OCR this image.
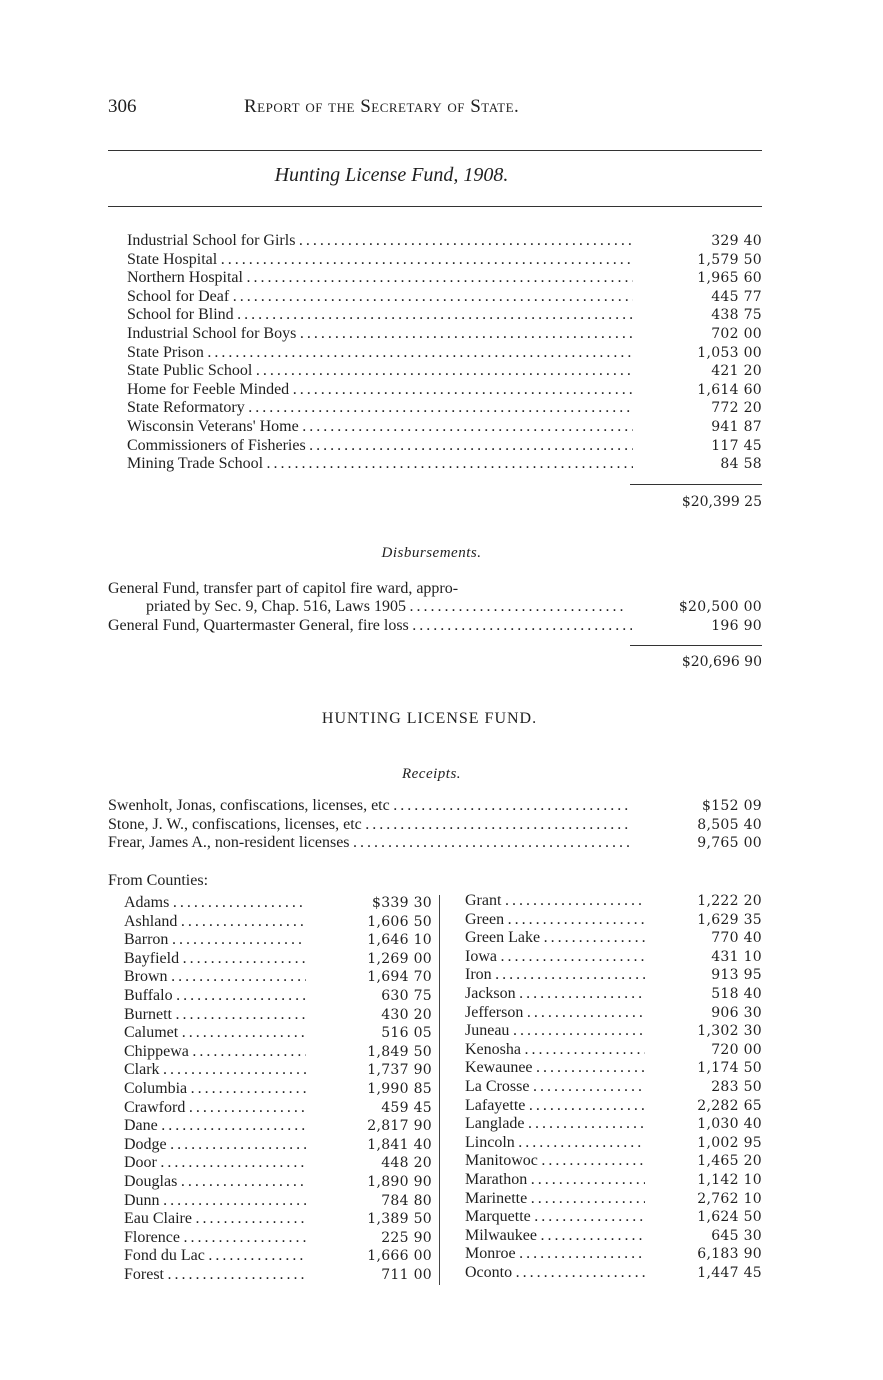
306	Report of the Secretary of State.
Hunting License Fund, 1908.
Industrial School for Girls . . .	329 40
State Hospital . . .	1,579 50
Northern Hospital . . .	1,965 60
School for Deaf . . .	445 77
School for Blind . . .	438 75
Industrial School for Boys . . .	702 00
State Prison . . .	1,053 00
State Public School . . .	421 20
Home for Feeble Minded . . .	1,614 60
State Reformatory . . .	772 20
Wisconsin Veterans' Home . . .	941 87
Commissioners of Fisheries . . .	117 45
Mining Trade School . . .	84 58
$20,399 25
Disbursements.
General Fund, transfer part of capitol fire ward, appro-
priated by Sec. 9, Chap. 516, Laws 1905 . . .	$20,500 00
General Fund, Quartermaster General, fire loss . . .	196 90
$20,696 90
HUNTING LICENSE FUND.
Receipts.
Swenholt, Jonas, confiscations, licenses, etc . . .	$152 09
Stone, J. W., confiscations, licenses, etc . . .	8,505 40
Frear, James A., non-resident licenses . . .	9,765 00
From Counties:
Adams . . .	$339 30
Ashland . . .	1,606 50
Barron . . .	1,646 10
Bayfield . . .	1,269 00
Brown . . .	1,694 70
Buffalo . . .	630 75
Burnett . . .	430 20
Calumet . . .	516 05
Chippewa . . .	1,849 50
Clark . . .	1,737 90
Columbia . . .	1,990 85
Crawford . . .	459 45
Dane . . .	2,817 90
Dodge . . .	1,841 40
Door . . .	448 20
Douglas . . .	1,890 90
Dunn . . .	784 80
Eau Claire . . .	1,389 50
Florence . . .	225 90
Fond du Lac . . .	1,666 00
Forest . . .	711 00
Grant . . .	1,222 20
Green . . .	1,629 35
Green Lake . . .	770 40
Iowa . . .	431 10
Iron . . .	913 95
Jackson . . .	518 40
Jefferson . . .	906 30
Juneau . . .	1,302 30
Kenosha . . .	720 00
Kewaunee . . .	1,174 50
La Crosse . . .	283 50
Lafayette . . .	2,282 65
Langlade . . .	1,030 40
Lincoln . . .	1,002 95
Manitowoc . . .	1,465 20
Marathon . . .	1,142 10
Marinette . . .	2,762 10
Marquette . . .	1,624 50
Milwaukee . . .	645 30
Monroe . . .	6,183 90
Oconto . . .	1,447 45
